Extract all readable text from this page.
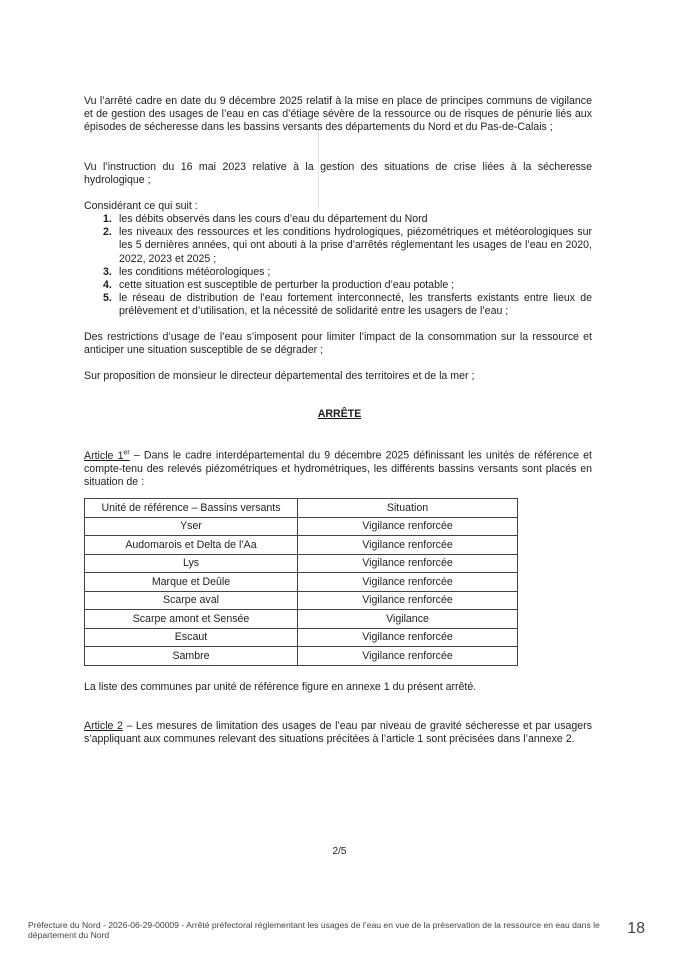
Vu l’arrêté cadre en date du 9 décembre 2025 relatif à la mise en place de principes communs de vigilance et de gestion des usages de l’eau en cas d’étiage sévère de la ressource ou de risques de pénurie liés aux épisodes de sécheresse dans les bassins versants des départements du Nord et du Pas-de-Calais ;
Vu l’instruction du 16 mai 2023 relative à la gestion des situations de crise liées à la sécheresse hydrologique ;
Considérant ce qui suit :
1. les débits observés dans les cours d’eau du département du Nord
2. les niveaux des ressources et les conditions hydrologiques, piézométriques et météorologiques sur les 5 dernières années, qui ont abouti à la prise d’arrêtés réglementant les usages de l’eau en 2020, 2022, 2023 et 2025 ;
3. les conditions météorologiques ;
4. cette situation est susceptible de perturber la production d’eau potable ;
5. le réseau de distribution de l’eau fortement interconnecté, les transferts existants entre lieux de prélèvement et d’utilisation, et la nécessité de solidarité entre les usagers de l’eau ;
Des restrictions d’usage de l’eau s’imposent pour limiter l’impact de la consommation sur la ressource et anticiper une situation susceptible de se dégrader ;
Sur proposition de monsieur le directeur départemental des territoires et de la mer ;
ARRÊTE
Article 1er – Dans le cadre interdépartemental du 9 décembre 2025 définissant les unités de référence et compte-tenu des relevés piézométriques et hydrométriques, les différents bassins versants sont placés en situation de :
Unité de référence – Bassins versants	Situation
Yser	Vigilance renforcée
Audomarois et Delta de l’Aa	Vigilance renforcée
Lys	Vigilance renforcée
Marque et Deûle	Vigilance renforcée
Scarpe aval	Vigilance renforcée
Scarpe amont et Sensée	Vigilance
Escaut	Vigilance renforcée
Sambre	Vigilance renforcée
La liste des communes par unité de référence figure en annexe 1 du présent arrêté.
Article 2 – Les mesures de limitation des usages de l’eau par niveau de gravité sécheresse et par usagers s’appliquant aux communes relevant des situations précitées à l’article 1 sont précisées dans l’annexe 2.
2/5
Préfecture du Nord - 2026-06-29-00009 - Arrêté préfectoral réglementant les usages de l’eau en vue de la préservation de la ressource en eau dans le département du Nord	18
